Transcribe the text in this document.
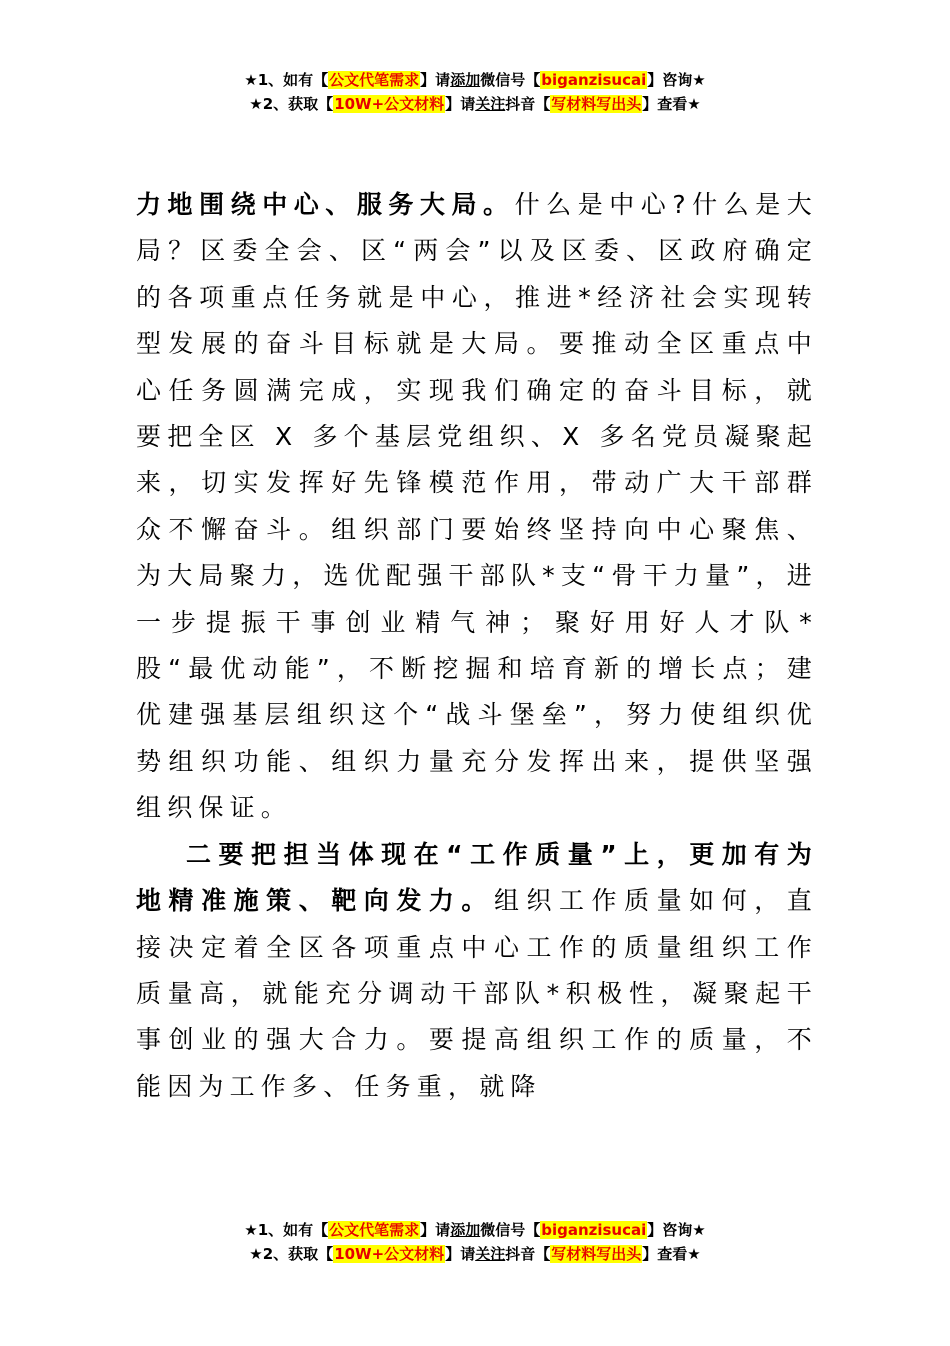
★1、如有【公文代笔需求】请添加微信号【biganzisucai】咨询★
★2、获取【10W+公文材料】请关注抖音【写材料写出头】查看★

力地围绕中心、服务大局。什么是中心?什么是大局？区委全会、区“两会”以及区委、区政府确定的各项重点任务就是中心，推进*经济社会实现转型发展的奋斗目标就是大局。要推动全区重点中心任务圆满完成，实现我们确定的奋斗目标，就要把全区 X 多个基层党组织、X 多名党员凝聚起来，切实发挥好先锋模范作用，带动广大干部群众不懈奋斗。组织部门要始终坚持向中心聚焦、为大局聚力，选优配强干部队*支“骨干力量”，进一步提振干事创业精气神；聚好用好人才队*股“最优动能”，不断挖掘和培育新的增长点；建优建强基层组织这个“战斗堡垒”，努力使组织优势组织功能、组织力量充分发挥出来，提供坚强组织保证。

二要把担当体现在“工作质量”上，更加有为地精准施策、靶向发力。组织工作质量如何，直接决定着全区各项重点中心工作的质量组织工作质量高，就能充分调动干部队*积极性，凝聚起干事创业的强大合力。要提高组织工作的质量，不能因为工作多、任务重，就降

★1、如有【公文代笔需求】请添加微信号【biganzisucai】咨询★
★2、获取【10W+公文材料】请关注抖音【写材料写出头】查看★
